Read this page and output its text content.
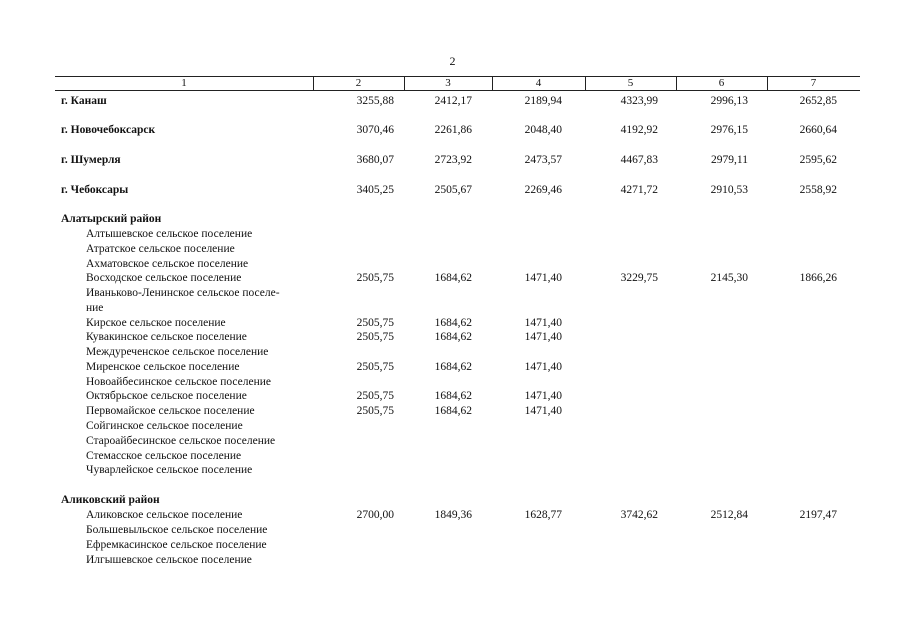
2
1	2	3	4	5	6	7
г. Канаш	3255,88	2412,17	2189,94	4323,99	2996,13	2652,85
г. Новочебоксарск	3070,46	2261,86	2048,40	4192,92	2976,15	2660,64
г. Шумерля	3680,07	2723,92	2473,57	4467,83	2979,11	2595,62
г. Чебоксары	3405,25	2505,67	2269,46	4271,72	2910,53	2558,92
Алатырский район
Алтышевское сельское поселение
Атратское сельское поселение
Ахматовское сельское поселение
Восходское сельское поселение	2505,75	1684,62	1471,40	3229,75	2145,30	1866,26
Иваньково-Ленинское сельское поселе-
ние
Кирское сельское поселение	2505,75	1684,62	1471,40
Кувакинское сельское поселение	2505,75	1684,62	1471,40
Междуреченское сельское поселение
Миренское сельское поселение	2505,75	1684,62	1471,40
Новоайбесинское сельское поселение
Октябрьское сельское поселение	2505,75	1684,62	1471,40
Первомайское сельское поселение	2505,75	1684,62	1471,40
Сойгинское сельское поселение
Староайбесинское сельское поселение
Стемасское сельское поселение
Чуварлейское сельское поселение
Аликовский район
Аликовское сельское поселение	2700,00	1849,36	1628,77	3742,62	2512,84	2197,47
Большевыльское сельское поселение
Ефремкасинское сельское поселение
Илгышевское сельское поселение
